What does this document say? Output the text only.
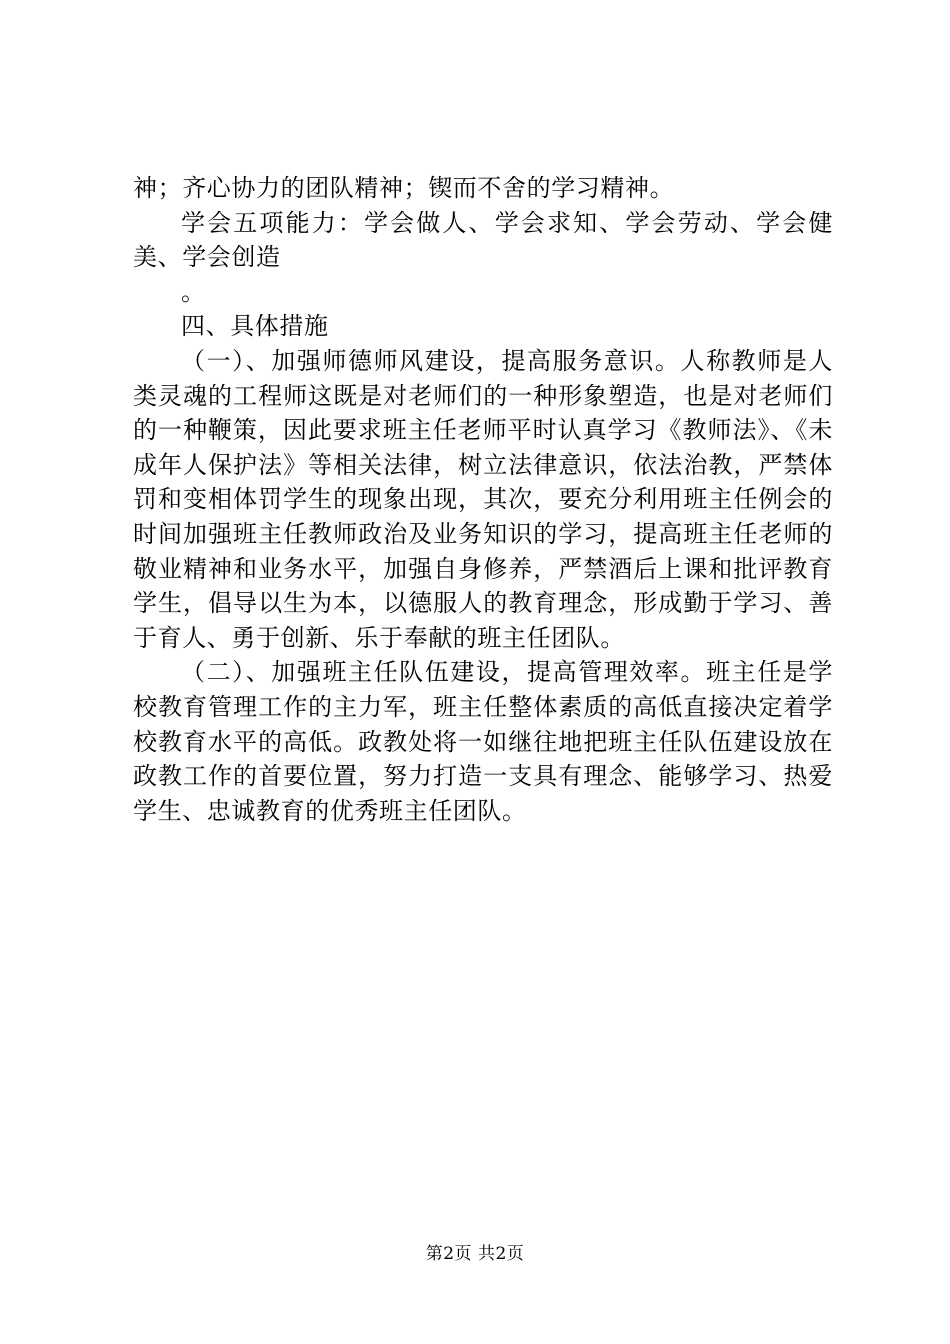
神；齐心协力的团队精神；锲而不舍的学习精神。

学会五项能力：学会做人、学会求知、学会劳动、学会健美、学会创造

。

四、具体措施

（一）、加强师德师风建设，提高服务意识。人称教师是人类灵魂的工程师这既是对老师们的一种形象塑造，也是对老师们的一种鞭策，因此要求班主任老师平时认真学习《教师法》、《未成年人保护法》等相关法律，树立法律意识，依法治教，严禁体罚和变相体罚学生的现象出现，其次，要充分利用班主任例会的时间加强班主任教师政治及业务知识的学习，提高班主任老师的敬业精神和业务水平，加强自身修养，严禁酒后上课和批评教育学生，倡导以生为本，以德服人的教育理念，形成勤于学习、善于育人、勇于创新、乐于奉献的班主任团队。

（二）、加强班主任队伍建设，提高管理效率。班主任是学校教育管理工作的主力军，班主任整体素质的高低直接决定着学校教育水平的高低。政教处将一如继往地把班主任队伍建设放在政教工作的首要位置，努力打造一支具有理念、能够学习、热爱学生、忠诚教育的优秀班主任团队。

第2页 共2页
